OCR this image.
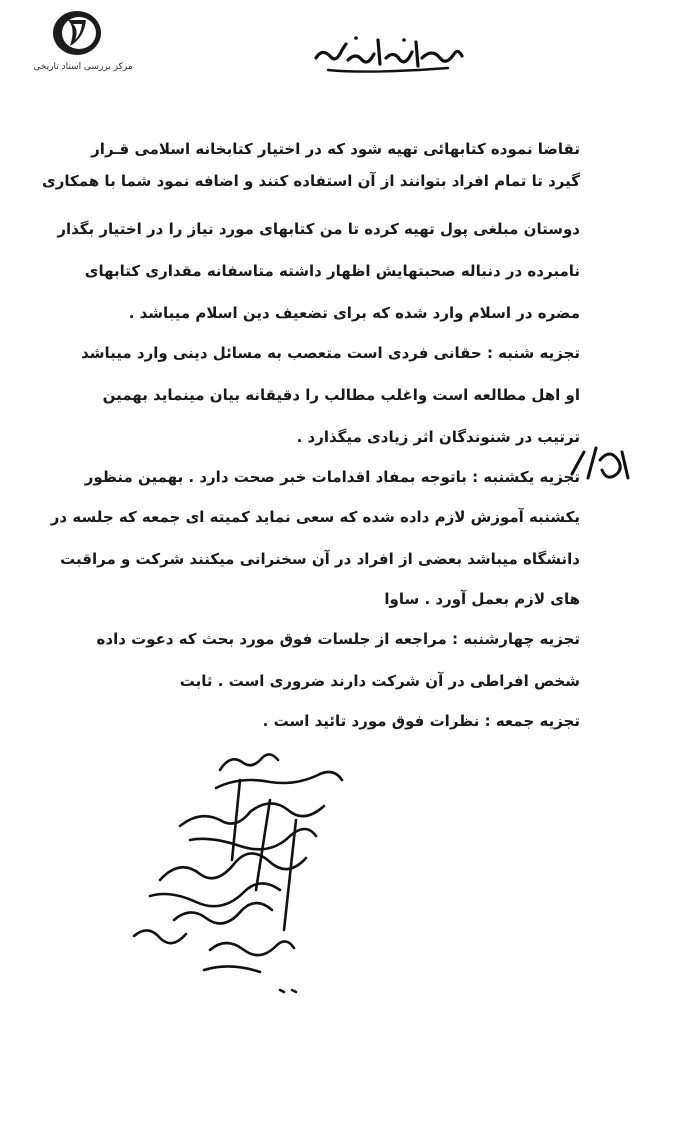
مرکز بررسی اسناد تاریخی
تقاضا نموده کتابهائی تهیه شود که در اختیار کتابخانه اسلامی قـرار
گیرد تا تمام افراد بتوانند از آن استفاده کنند و اضافه نمود شما با همکاری
دوستان مبلغی پول تهیه کرده تا من کتابهای مورد نیاز را در اختیار بگذار
نامبرده در دنباله صحبتهایش اظهار داشته متاسفانه مقداری کتابهای
مضره در اسلام وارد شده که برای تضعیف دین اسلام میباشد .
تجزیه شنبه : حقانی فردی است متعصب به مسائل دینی وارد میباشد
او اهل مطالعه است واغلب مطالب را دقیقانه بیان مینماید بهمین
ترتیب در شنوندگان اثر زیادی میگذارد .
تجزیه یکشنبه : باتوجه بمفاد اقدامات خبر صحت دارد . بهمین منظور
یکشنبه آموزش لازم داده شده که سعی نماید کمیته ای جمعه که جلسه در
دانشگاه میباشد بعضی از افراد در آن سخنرانی میکنند شرکت و مراقبت
های لازم بعمل آورد . ساوا
تجزیه چهارشنبه : مراجعه از جلسات فوق مورد بحث که دعوت داده
شخص افراطی در آن شرکت دارند ضروری است . ثابت
تجزیه جمعه : نظرات فوق مورد تائید است .
